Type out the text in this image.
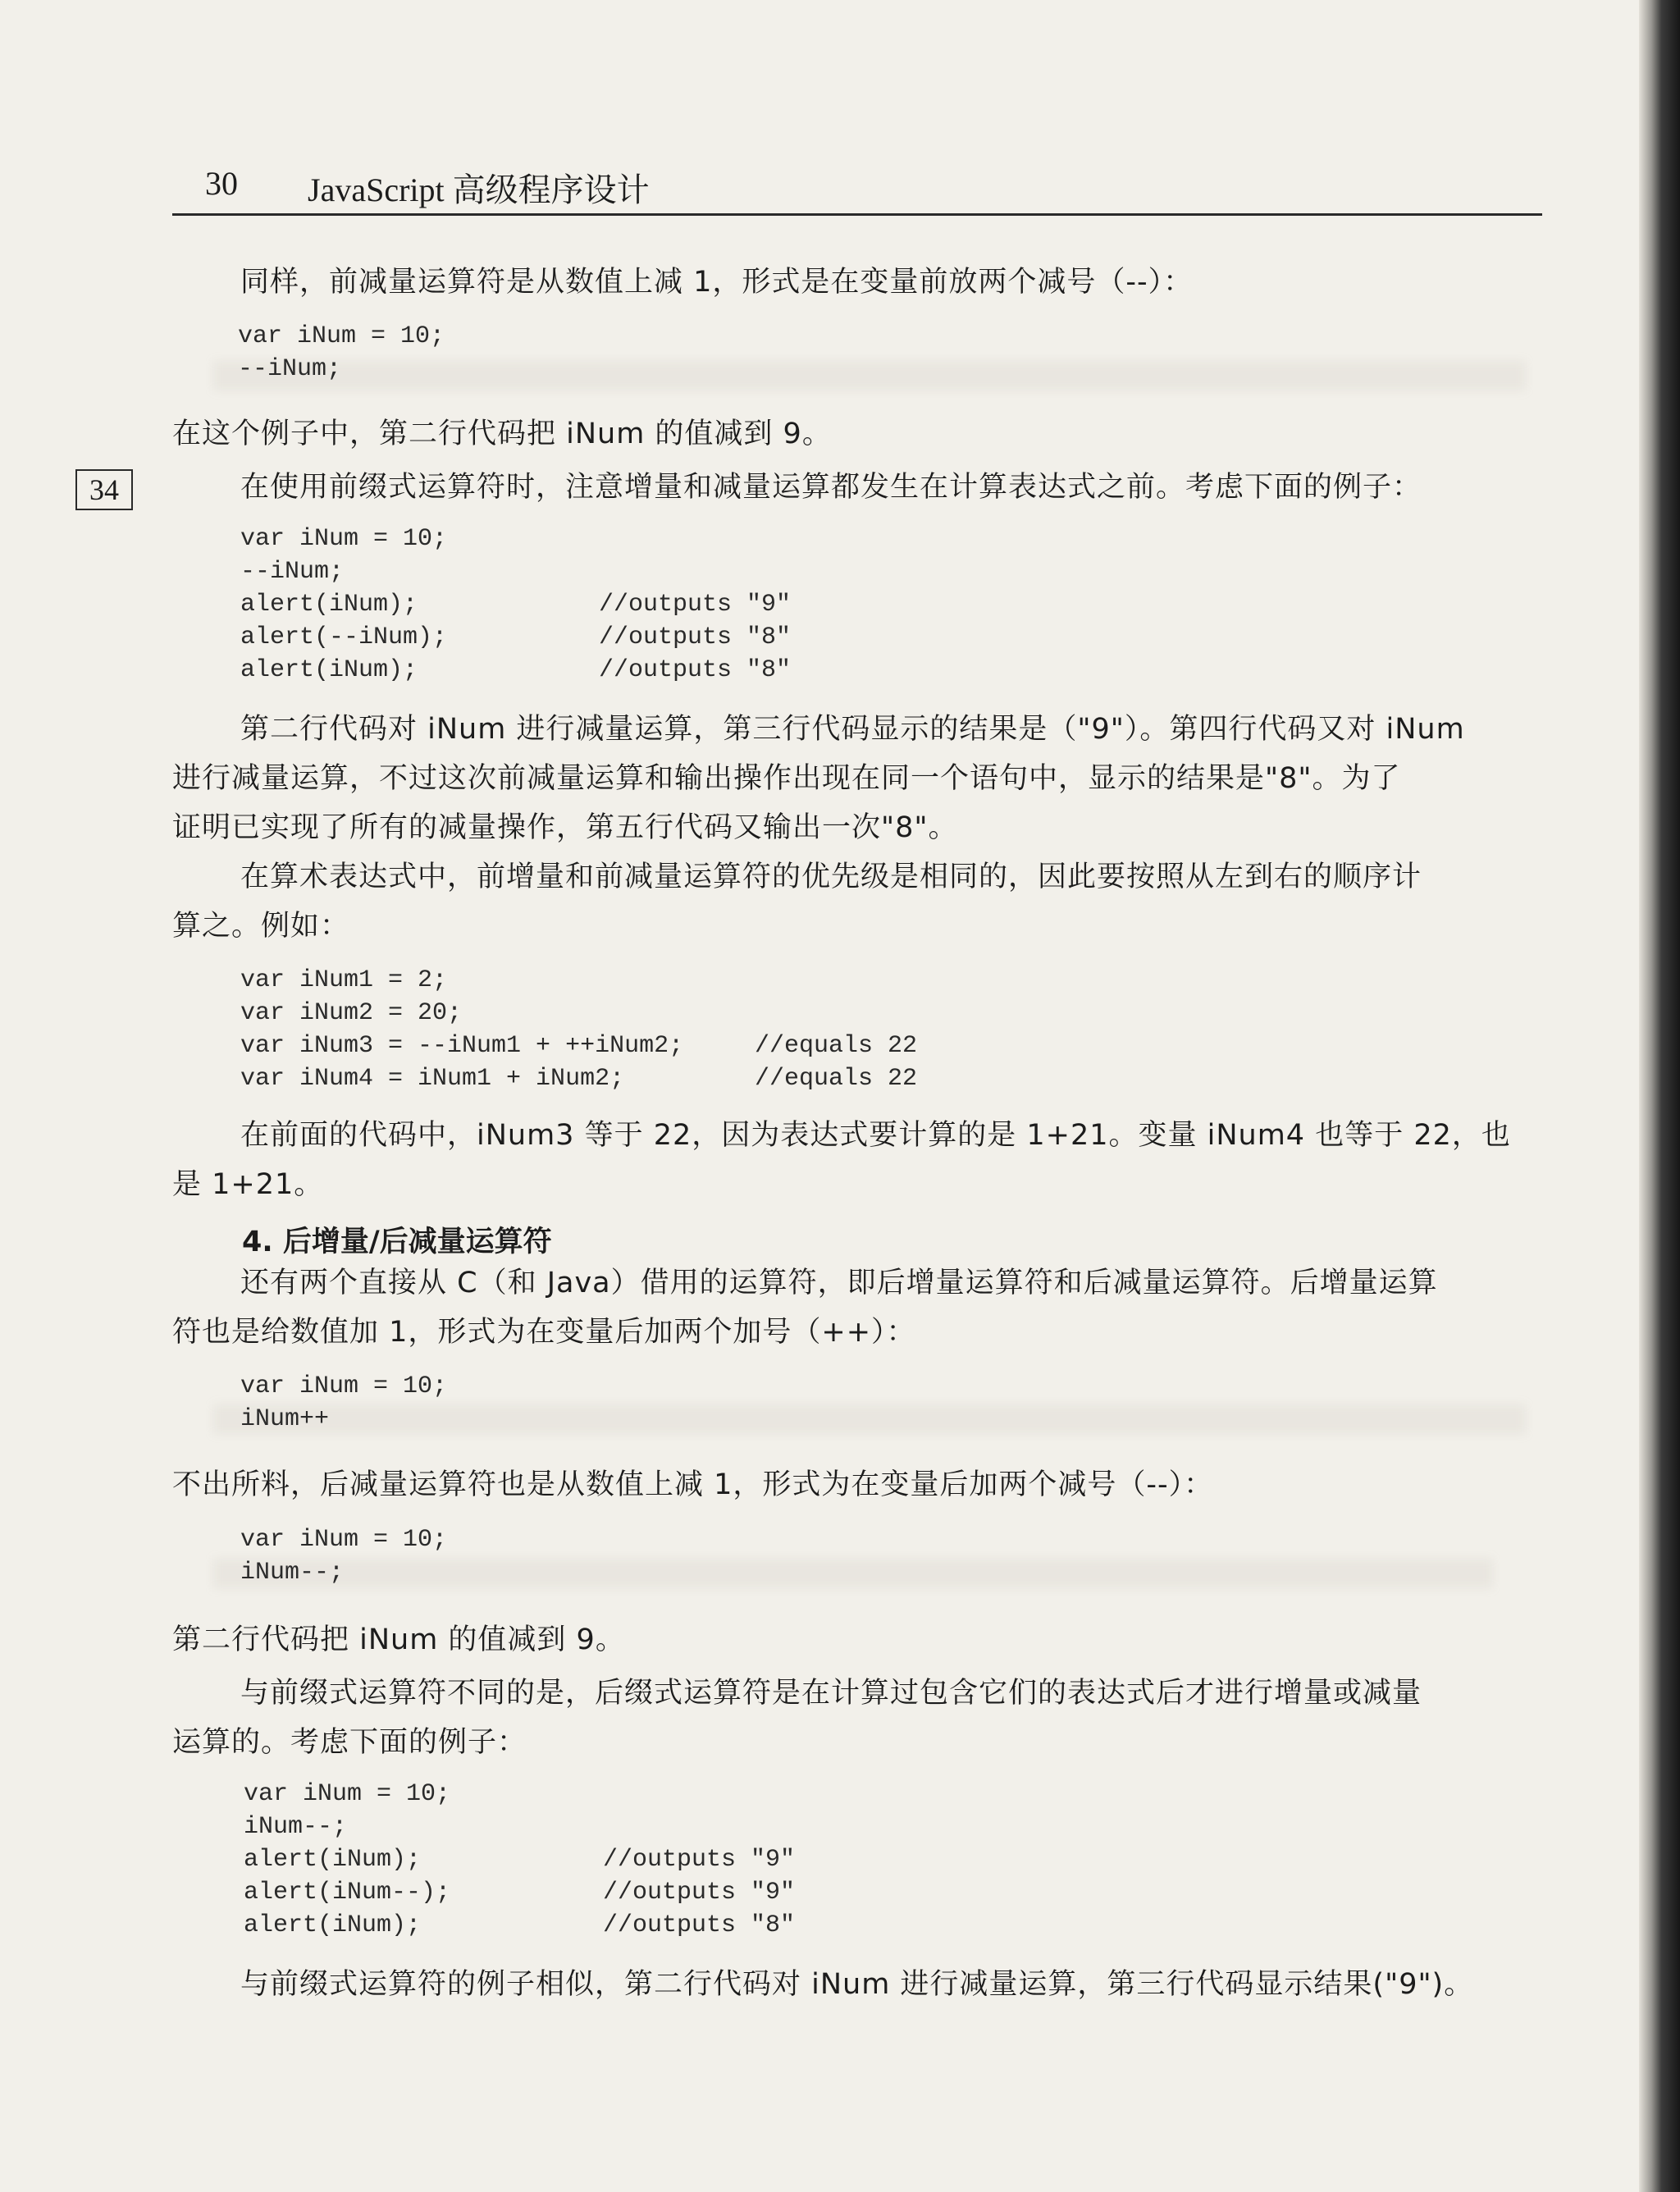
30 JavaScript 高级程序设计
34
同样，前减量运算符是从数值上减 1，形式是在变量前放两个减号（--）：
var iNum = 10;
--iNum;
在这个例子中，第二行代码把 iNum 的值减到 9。
在使用前缀式运算符时，注意增量和减量运算都发生在计算表达式之前。考虑下面的例子：
var iNum = 10;
--iNum;
alert(iNum);
alert(--iNum);
alert(iNum);
//outputs "9"
//outputs "8"
//outputs "8"
第二行代码对 iNum 进行减量运算，第三行代码显示的结果是（"9"）。第四行代码又对 iNum
进行减量运算，不过这次前减量运算和输出操作出现在同一个语句中，显示的结果是"8"。为了
证明已实现了所有的减量操作，第五行代码又输出一次"8"。
在算术表达式中，前增量和前减量运算符的优先级是相同的，因此要按照从左到右的顺序计
算之。例如：
var iNum1 = 2;
var iNum2 = 20;
var iNum3 = --iNum1 + ++iNum2;
var iNum4 = iNum1 + iNum2;
//equals 22
//equals 22
在前面的代码中，iNum3 等于 22，因为表达式要计算的是 1+21。变量 iNum4 也等于 22，也
是 1+21。
4. 后增量/后减量运算符
还有两个直接从 C（和 Java）借用的运算符，即后增量运算符和后减量运算符。后增量运算
符也是给数值加 1，形式为在变量后加两个加号（++）：
var iNum = 10;
iNum++
不出所料，后减量运算符也是从数值上减 1，形式为在变量后加两个减号（--）：
var iNum = 10;
iNum--;
第二行代码把 iNum 的值减到 9。
与前缀式运算符不同的是，后缀式运算符是在计算过包含它们的表达式后才进行增量或减量
运算的。考虑下面的例子：
var iNum = 10;
iNum--;
alert(iNum);
alert(iNum--);
alert(iNum);
//outputs "9"
//outputs "9"
//outputs "8"
与前缀式运算符的例子相似，第二行代码对 iNum 进行减量运算，第三行代码显示结果("9")。
